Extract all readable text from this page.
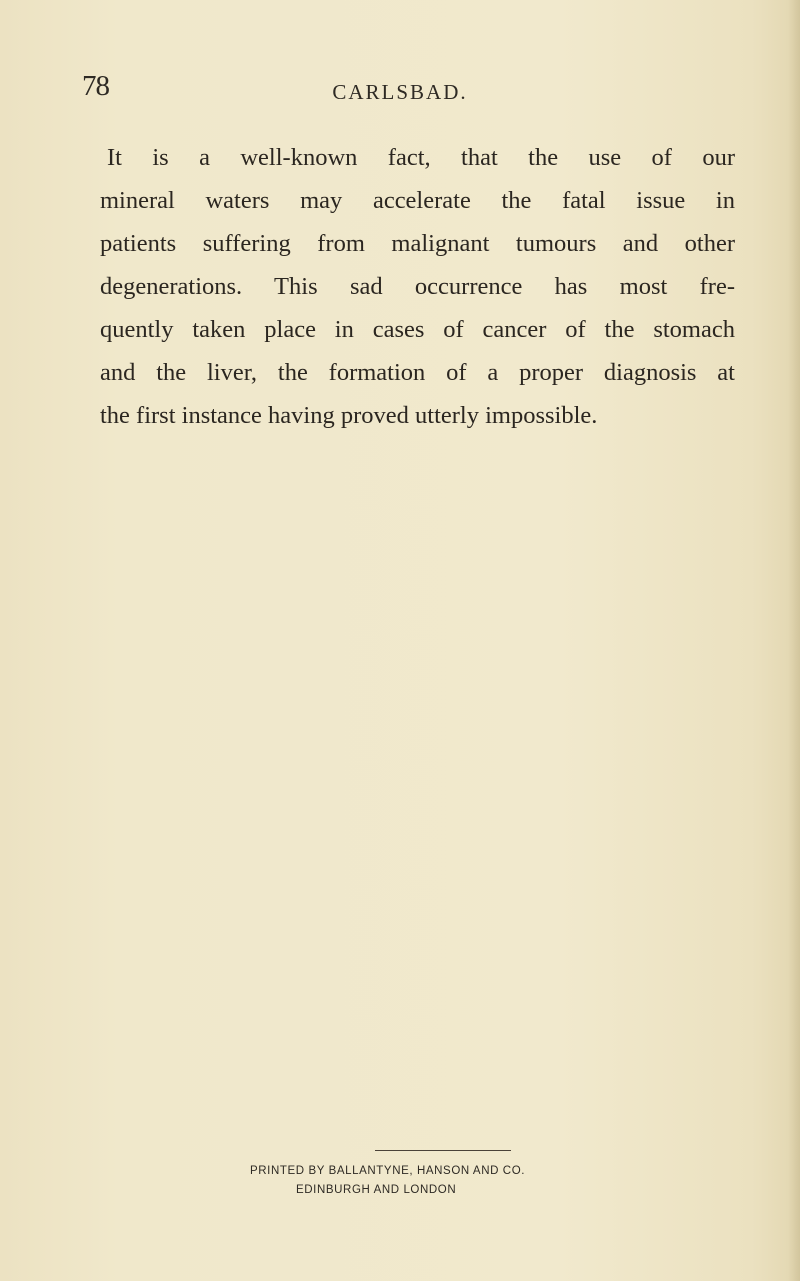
78	CARLSBAD.
It is a well-known fact, that the use of our
mineral waters may accelerate the fatal issue in
patients suffering from malignant tumours and other
degenerations. This sad occurrence has most fre-
quently taken place in cases of cancer of the stomach
and the liver, the formation of a proper diagnosis at
the first instance having proved utterly impossible.
PRINTED BY BALLANTYNE, HANSON AND CO.
EDINBURGH AND LONDON
